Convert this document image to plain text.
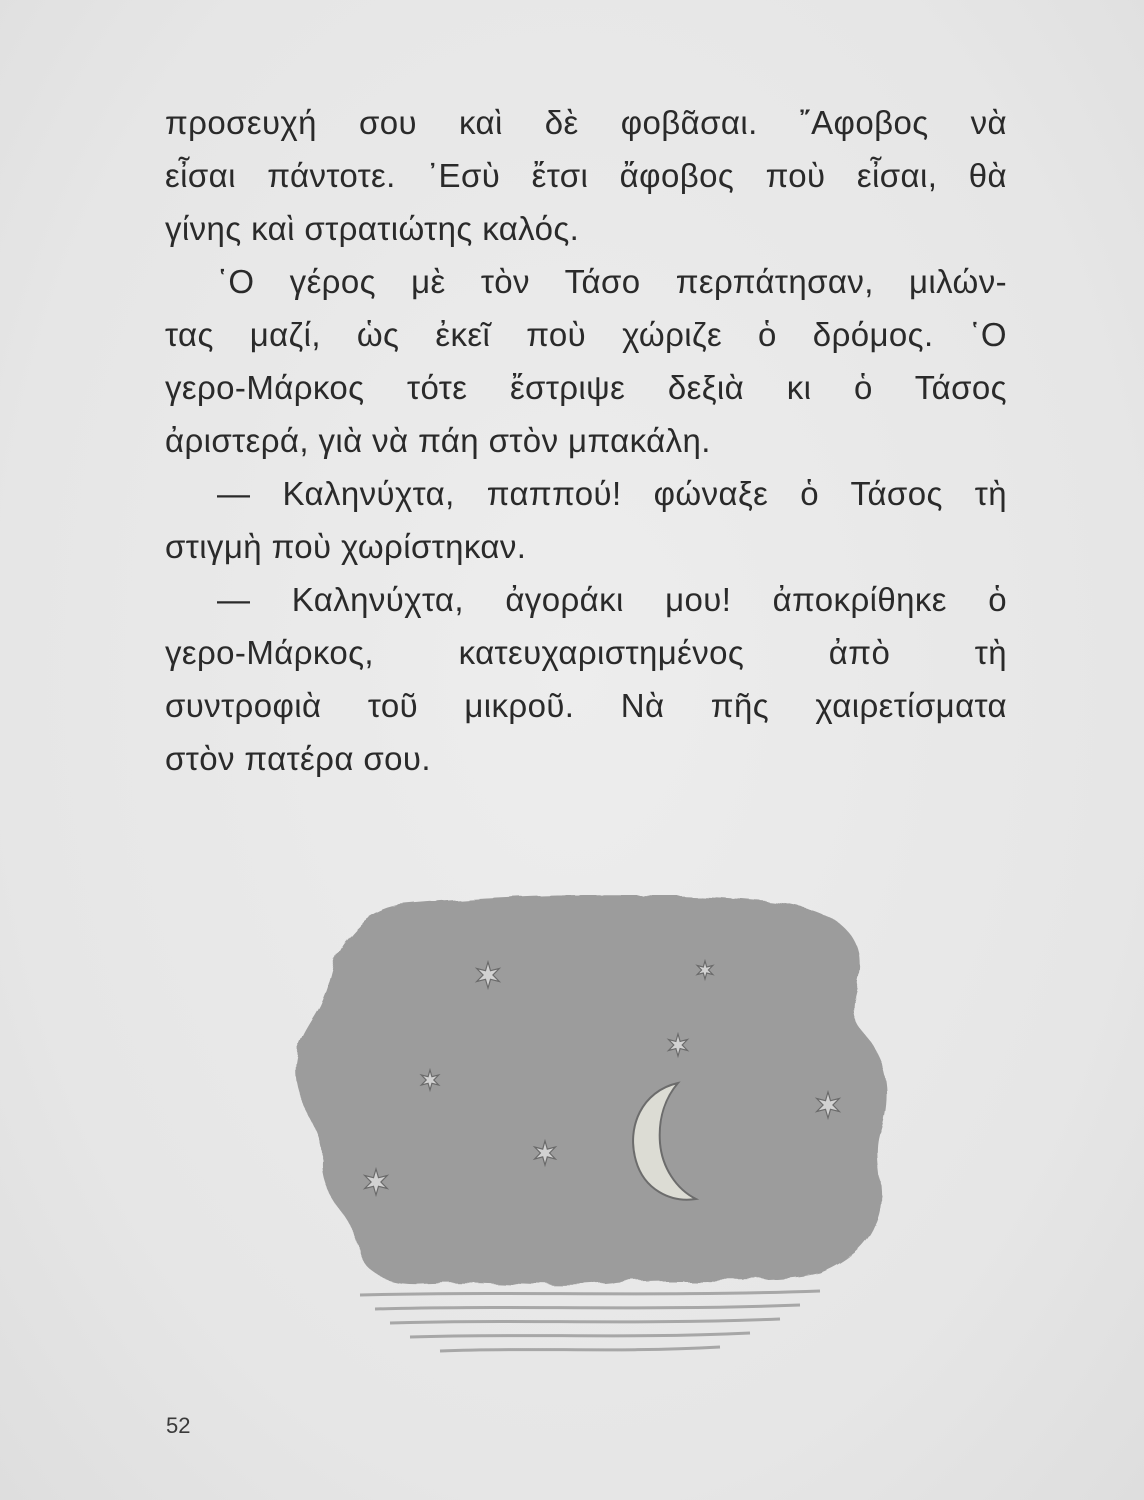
προσευχή σου καὶ δὲ φοβᾶσαι. ῎Αφοβος νὰ
εἶσαι πάντοτε. ᾿Εσὺ ἔτσι ἄφοβος ποὺ εἶσαι, θὰ
γίνης καὶ στρατιώτης καλός.
῾Ο γέρος μὲ τὸν Τάσο περπάτησαν, μιλών-
τας μαζί, ὡς ἐκεῖ ποὺ χώριζε ὁ δρόμος. ῾Ο
γερο-Μάρκος τότε ἔστριψε δεξιὰ κι ὁ Τάσος
ἀριστερά, γιὰ νὰ πάη στὸν μπακάλη.
— Καληνύχτα, παππού! φώναξε ὁ Τάσος τὴ
στιγμὴ ποὺ χωρίστηκαν.
— Καληνύχτα, ἀγοράκι μου! ἀποκρίθηκε ὁ
γερο-Μάρκος, κατευχαριστημένος ἀπὸ τὴ
συντροφιὰ τοῦ μικροῦ. Νὰ πῆς χαιρετίσματα
στὸν πατέρα σου.
52
